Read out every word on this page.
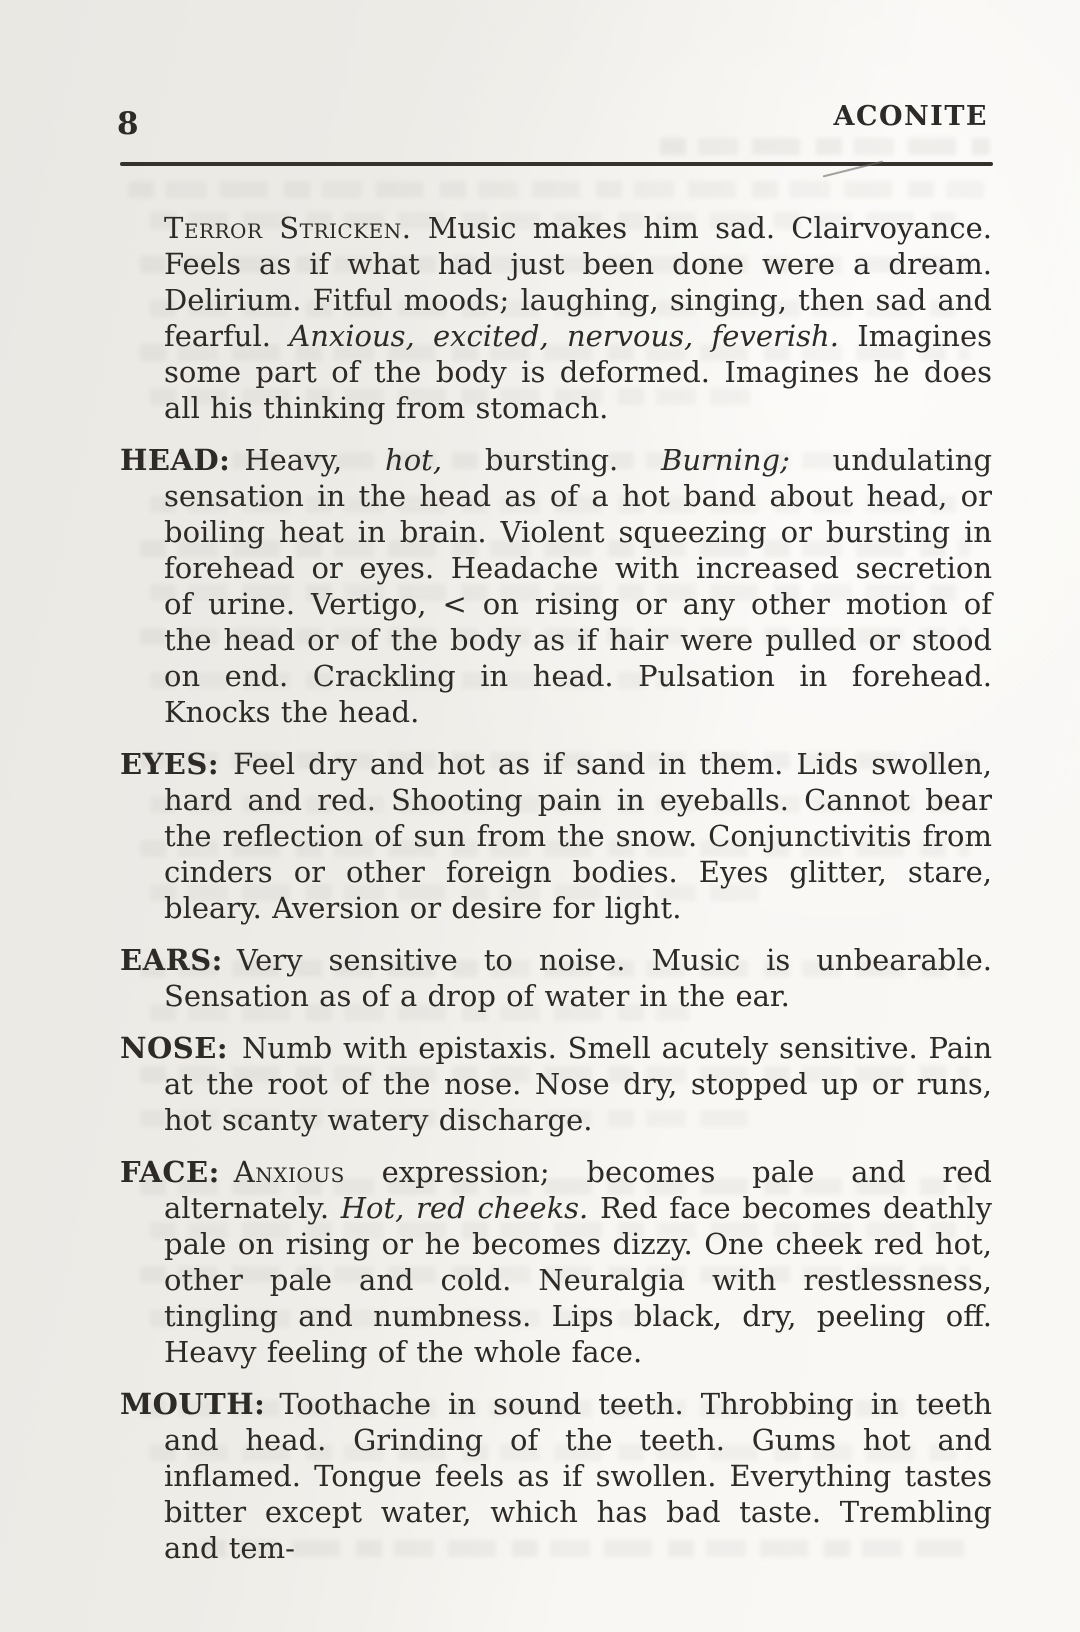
8	ACONITE

Terror Stricken. Music makes him sad. Clairvoyance. Feels as if what had just been done were a dream. Delirium. Fitful moods; laughing, singing, then sad and fearful. Anxious, excited, nervous, feverish. Imagines some part of the body is deformed. Imagines he does all his thinking from stomach.

HEAD: Heavy, hot, bursting. Burning; undulating sensation in the head as of a hot band about head, or boiling heat in brain. Violent squeezing or bursting in forehead or eyes. Headache with increased secretion of urine. Vertigo, < on rising or any other motion of the head or of the body as if hair were pulled or stood on end. Crackling in head. Pulsation in forehead. Knocks the head.

EYES: Feel dry and hot as if sand in them. Lids swollen, hard and red. Shooting pain in eyeballs. Cannot bear the reflection of sun from the snow. Conjunctivitis from cinders or other foreign bodies. Eyes glitter, stare, bleary. Aversion or desire for light.

EARS: Very sensitive to noise. Music is unbearable. Sensation as of a drop of water in the ear.

NOSE: Numb with epistaxis. Smell acutely sensitive. Pain at the root of the nose. Nose dry, stopped up or runs, hot scanty watery discharge.

FACE: Anxious expression; becomes pale and red alternately. Hot, red cheeks. Red face becomes deathly pale on rising or he becomes dizzy. One cheek red hot, other pale and cold. Neuralgia with restlessness, tingling and numbness. Lips black, dry, peeling off. Heavy feeling of the whole face.

MOUTH: Toothache in sound teeth. Throbbing in teeth and head. Grinding of the teeth. Gums hot and inflamed. Tongue feels as if swollen. Everything tastes bitter except water, which has bad taste. Trembling and tem-
